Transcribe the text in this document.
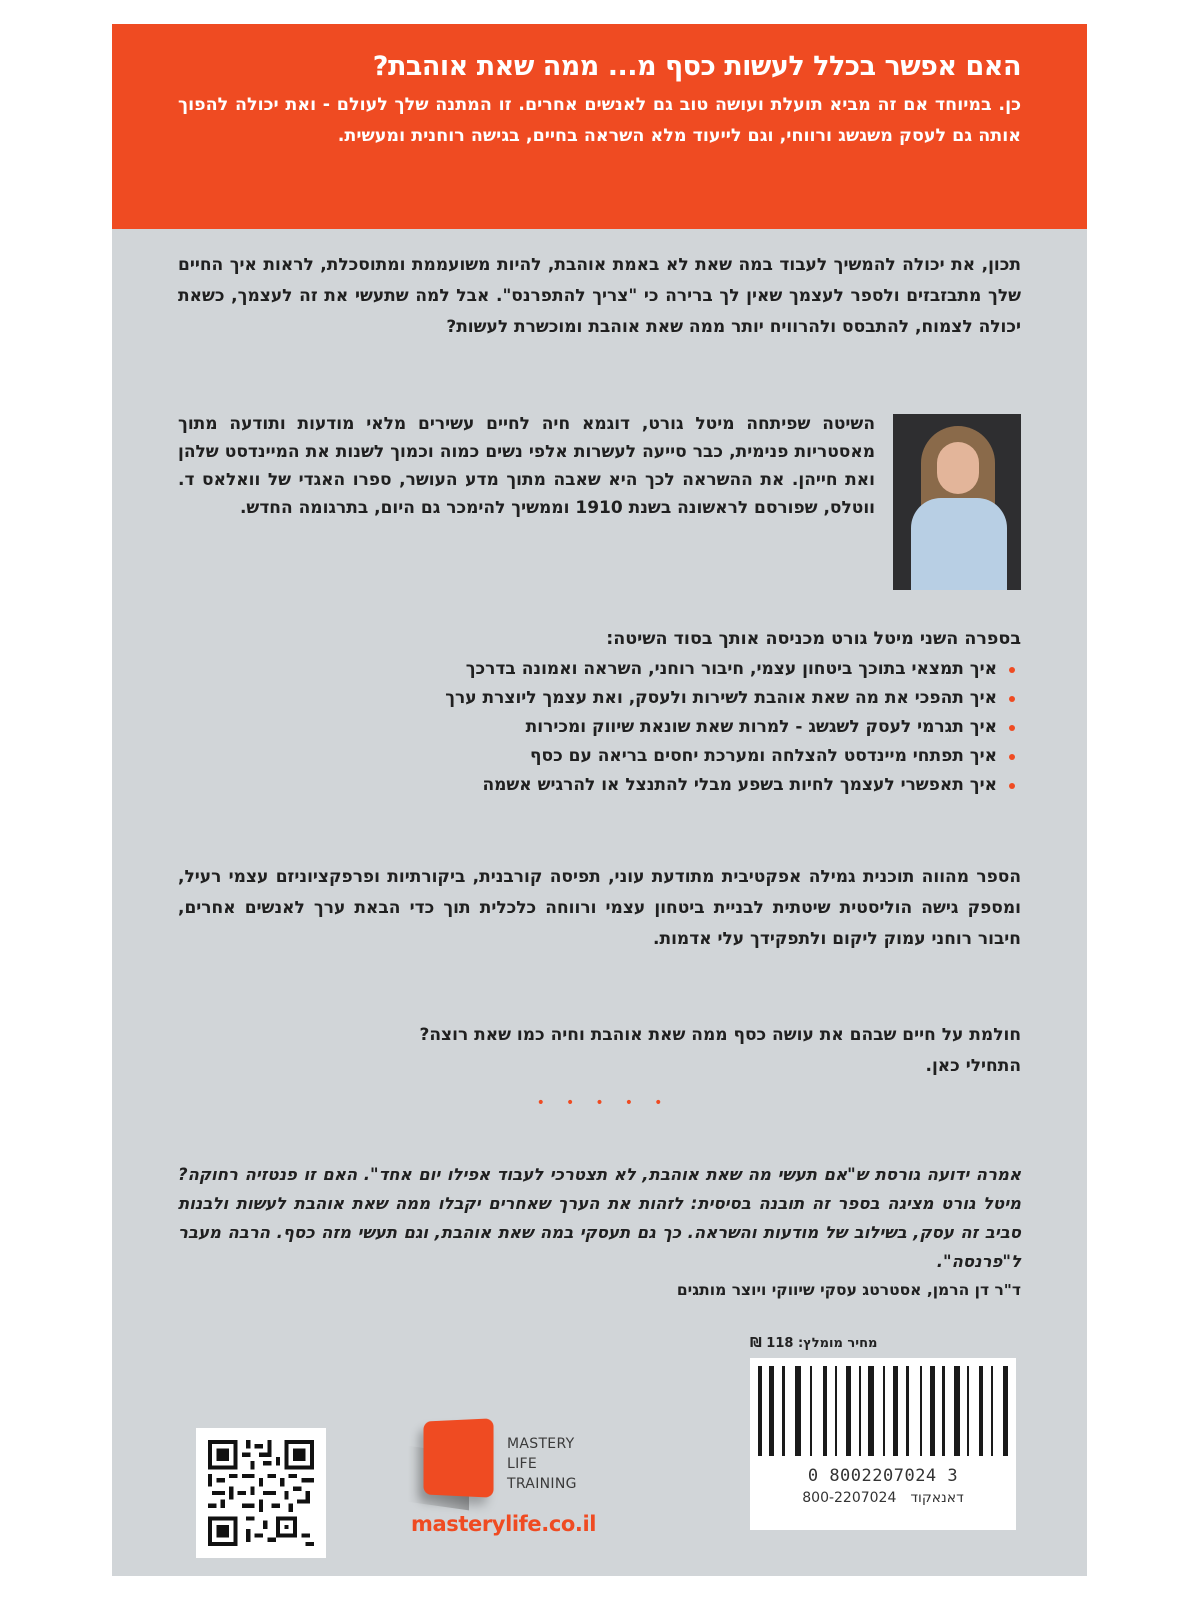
האם אפשר בכלל לעשות כסף מ... ממה שאת אוהבת?

כן. במיוחד אם זה מביא תועלת ועושה טוב גם לאנשים אחרים. זו המתנה שלך לעולם - ואת יכולה להפוך אותה גם לעסק משגשג ורווחי, וגם לייעוד מלא השראה בחיים, בגישה רוחנית ומעשית.

תכון, את יכולה להמשיך לעבוד במה שאת לא באמת אוהבת, להיות משועממת ומתוסכלת, לראות איך החיים שלך מתבזבזים ולספר לעצמך שאין לך ברירה כי "צריך להתפרנס". אבל למה שתעשי את זה לעצמך, כשאת יכולה לצמוח, להתבסס ולהרוויח יותר ממה שאת אוהבת ומוכשרת לעשות?

השיטה שפיתחה מיטל גורט, דוגמא חיה לחיים עשירים מלאי מודעות ותודעה מתוך מאסטריות פנימית, כבר סייעה לעשרות אלפי נשים כמוה וכמוך לשנות את המיינדסט שלהן ואת חייהן. את ההשראה לכך היא שאבה מתוך מדע העושר, ספרו האגדי של וואלאס ד. ווטלס, שפורסם לראשונה בשנת 1910 וממשיך להימכר גם היום, בתרגומה החדש.

בספרה השני מיטל גורט מכניסה אותך בסוד השיטה:
איך תמצאי בתוכך ביטחון עצמי, חיבור רוחני, השראה ואמונה בדרכך
איך תהפכי את מה שאת אוהבת לשירות ולעסק, ואת עצמך ליוצרת ערך
איך תגרמי לעסק לשגשג - למרות שאת שונאת שיווק ומכירות
איך תפתחי מיינדסט להצלחה ומערכת יחסים בריאה עם כסף
איך תאפשרי לעצמך לחיות בשפע מבלי להתנצל או להרגיש אשמה

הספר מהווה תוכנית גמילה אפקטיבית מתודעת עוני, תפיסה קורבנית, ביקורתיות ופרפקציוניזם עצמי רעיל, ומספק גישה הוליסטית שיטתית לבניית ביטחון עצמי ורווחה כלכלית תוך כדי הבאת ערך לאנשים אחרים, חיבור רוחני עמוק ליקום ולתפקידך עלי אדמות.

חולמת על חיים שבהם את עושה כסף ממה שאת אוהבת וחיה כמו שאת רוצה?

התחילי כאן.

• • • • •

אמרה ידועה גורסת ש"אם תעשי מה שאת אוהבת, לא תצטרכי לעבוד אפילו יום אחד". האם זו פנטזיה רחוקה? מיטל גורט מציגה בספר זה תובנה בסיסית: לזהות את הערך שאחרים יקבלו ממה שאת אוהבת לעשות ולבנות סביב זה עסק, בשילוב של מודעות והשראה. כך גם תעסקי במה שאת אוהבת, וגם תעשי מזה כסף. הרבה מעבר ל"פרנסה".

ד"ר דן הרמן, אסטרטג עסקי שיווקי ויוצר מותגים

מחיר מומלץ: 118 ₪
0 8002207024 3
800-2207024 דאנאקוד
MASTERY
LIFE
TRAINING
masterylife.co.il
